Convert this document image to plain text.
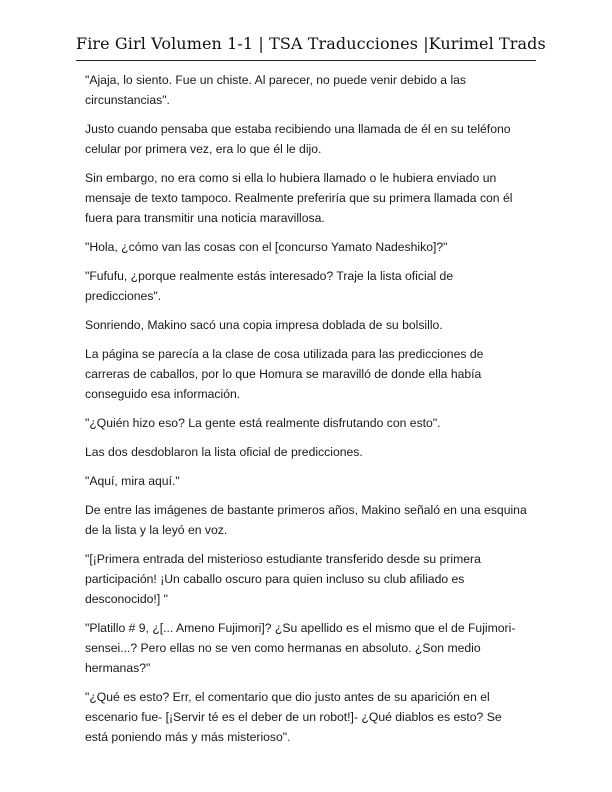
Fire Girl Volumen 1-1 | TSA Traducciones |Kurimel Trads

"Ajaja, lo siento. Fue un chiste. Al parecer, no puede venir debido a las circunstancias".

Justo cuando pensaba que estaba recibiendo una llamada de él en su teléfono celular por primera vez, era lo que él le dijo.

Sin embargo, no era como si ella lo hubiera llamado o le hubiera enviado un mensaje de texto tampoco. Realmente preferiría que su primera llamada con él fuera para transmitir una noticia maravillosa.

"Hola, ¿cómo van las cosas con el [concurso Yamato Nadeshiko]?"

"Fufufu, ¿porque realmente estás interesado? Traje la lista oficial de predicciones".

Sonriendo, Makino sacó una copia impresa doblada de su bolsillo.

La página se parecía a la clase de cosa utilizada para las predicciones de carreras de caballos, por lo que Homura se maravilló de donde ella había conseguido esa información.

"¿Quién hizo eso? La gente está realmente disfrutando con esto".

Las dos desdoblaron la lista oficial de predicciones.

"Aquí, mira aquí."

De entre las imágenes de bastante primeros años, Makino señaló en una esquina de la lista y la leyó en voz.

"[¡Primera entrada del misterioso estudiante transferido desde su primera participación! ¡Un caballo oscuro para quien incluso su club afiliado es desconocido!] "

"Platillo # 9, ¿[... Ameno Fujimori]? ¿Su apellido es el mismo que el de Fujimori-sensei...? Pero ellas no se ven como hermanas en absoluto. ¿Son medio hermanas?"

"¿Qué es esto? Err, el comentario que dio justo antes de su aparición en el escenario fue- [¡Servir té es el deber de un robot!]- ¿Qué diablos es esto? Se está poniendo más y más misterioso".
